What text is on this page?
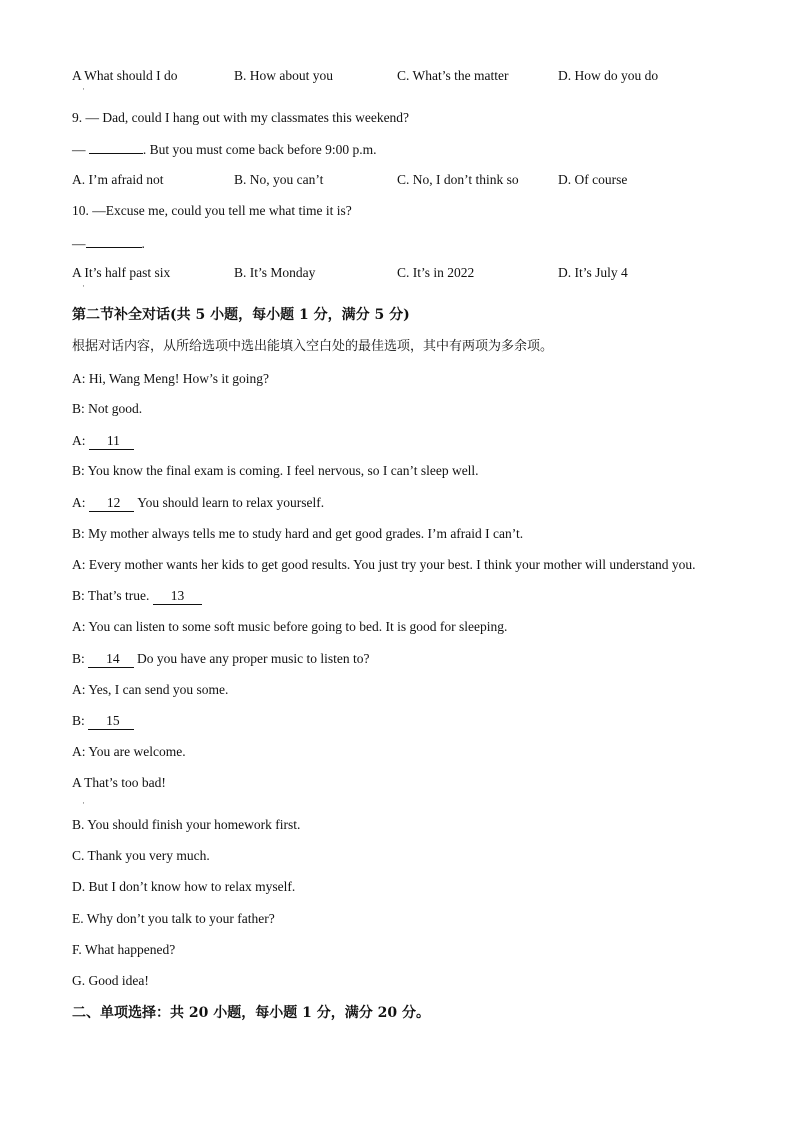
A What should I do	B. How about you	C. What’s the matter	D. How do you do
·
9. — Dad, could I hang out with my classmates this weekend?
—	. But you must come back before 9:00 p.m.
A. I’m afraid not	B. No, you can’t	C. No, I don’t think so	D. Of course
10. —Excuse me, could you tell me what time it is?
—	.
A It’s half past six	B. It’s Monday	C. It’s in 2022	D. It’s July 4
·
第二节补全对话(共 5 小题，每小题 1 分，满分 5 分)
根据对话内容，从所给选项中选出能填入空白处的最佳选项，其中有两项为多余项。
A: Hi, Wang Meng! How’s it going?
B: Not good.
A: 11
B: You know the final exam is coming. I feel nervous, so I can’t sleep well.
A: 12 You should learn to relax yourself.
B: My mother always tells me to study hard and get good grades. I’m afraid I can’t.
A: Every mother wants her kids to get good results. You just try your best. I think your mother will understand you.
B: That’s true. 13
A: You can listen to some soft music before going to bed. It is good for sleeping.
B: 14 Do you have any proper music to listen to?
A: Yes, I can send you some.
B: 15
A: You are welcome.
A That’s too bad!
B. You should finish your homework first.
C. Thank you very much.
D. But I don’t know how to relax myself.
E. Why don’t you talk to your father?
F. What happened?
G. Good idea!
·
二、单项选择：共 20 小题，每小题 1 分，满分 20 分。
